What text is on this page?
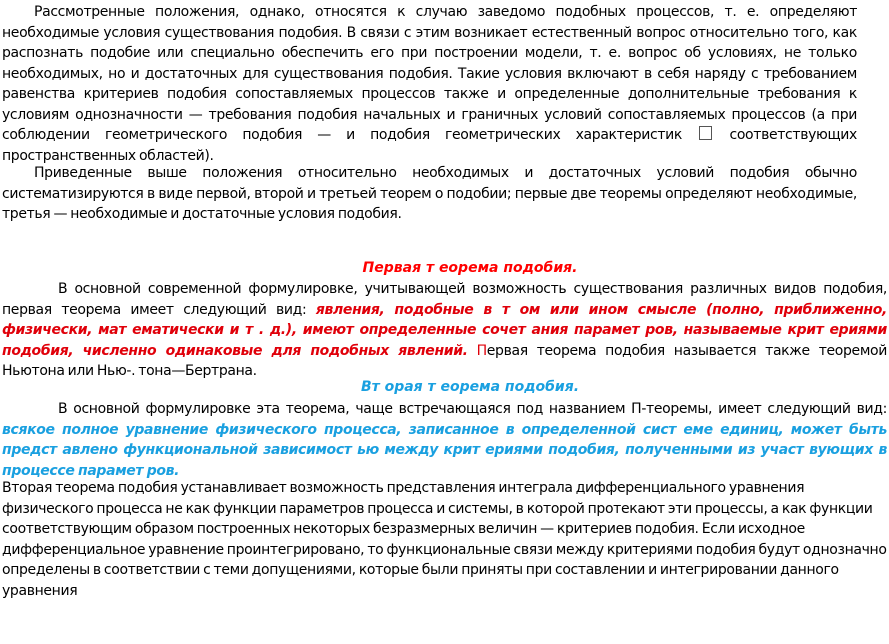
Рассмотренные положения, однако, относятся к случаю заведомо подобных процессов, т. е. определяют необходимые условия существования подобия. В связи с этим возникает естественный вопрос относительно того, как распознать подобие или специально обеспечить его при построении модели, т. е. вопрос об условиях, не только необходимых, но и достаточных для существования подобия. Такие условия включают в себя наряду с требованием равенства критериев подобия сопоставляемых процессов также и определенные дополнительные требования к условиям однозначности — требования подобия начальных и граничных условий сопоставляемых процессов (а при соблюдении геометрического подобия — и подобия геометрических характеристик	соответствующих пространственных областей).

Приведенные выше положения относительно необходимых и достаточных условий подобия обычно систематизируются в виде первой, второй и третьей теорем о подобии; первые две теоремы определяют необходимые, третья — необходимые и достаточные условия подобия.

Первая т еорема подобия.

В основной современной формулировке, учитывающей возможность существования различных видов подобия, первая теорема имеет следующий вид: явления, подобные в т ом или ином смысле (полно, приближенно, физически, мат ематически и т . д.), имеют определенные сочет ания парамет ров, называемые крит ериями подобия, численно одинаковые для подобных явлений. Первая теорема подобия называется также теоремой Ньютона или Нью-. тона—Бертрана.

Вт орая т еорема подобия.

В основной формулировке эта теорема, чаще встречающаяся под названием П-теоремы, имеет следующий вид: всякое полное уравнение физического процесса, записанное в определенной сист еме единиц, может быть предст авлено функциональной зависимост ью между крит ериями подобия, полученными из участ вующих в процессе парамет ров.

Вторая теорема подобия устанавливает возможность представления интеграла дифференциального уравнения физического процесса не как функции параметров процесса и системы, в которой протекают эти процессы, а как функции соответствующим образом построенных некоторых безразмерных величин — критериев подобия. Если исходное дифференциальное уравнение проинтегрировано, то функциональные связи между критериями подобия будут однозначно определены в соответствии с теми допущениями, которые были приняты при составлении и интегрировании данного уравнения
